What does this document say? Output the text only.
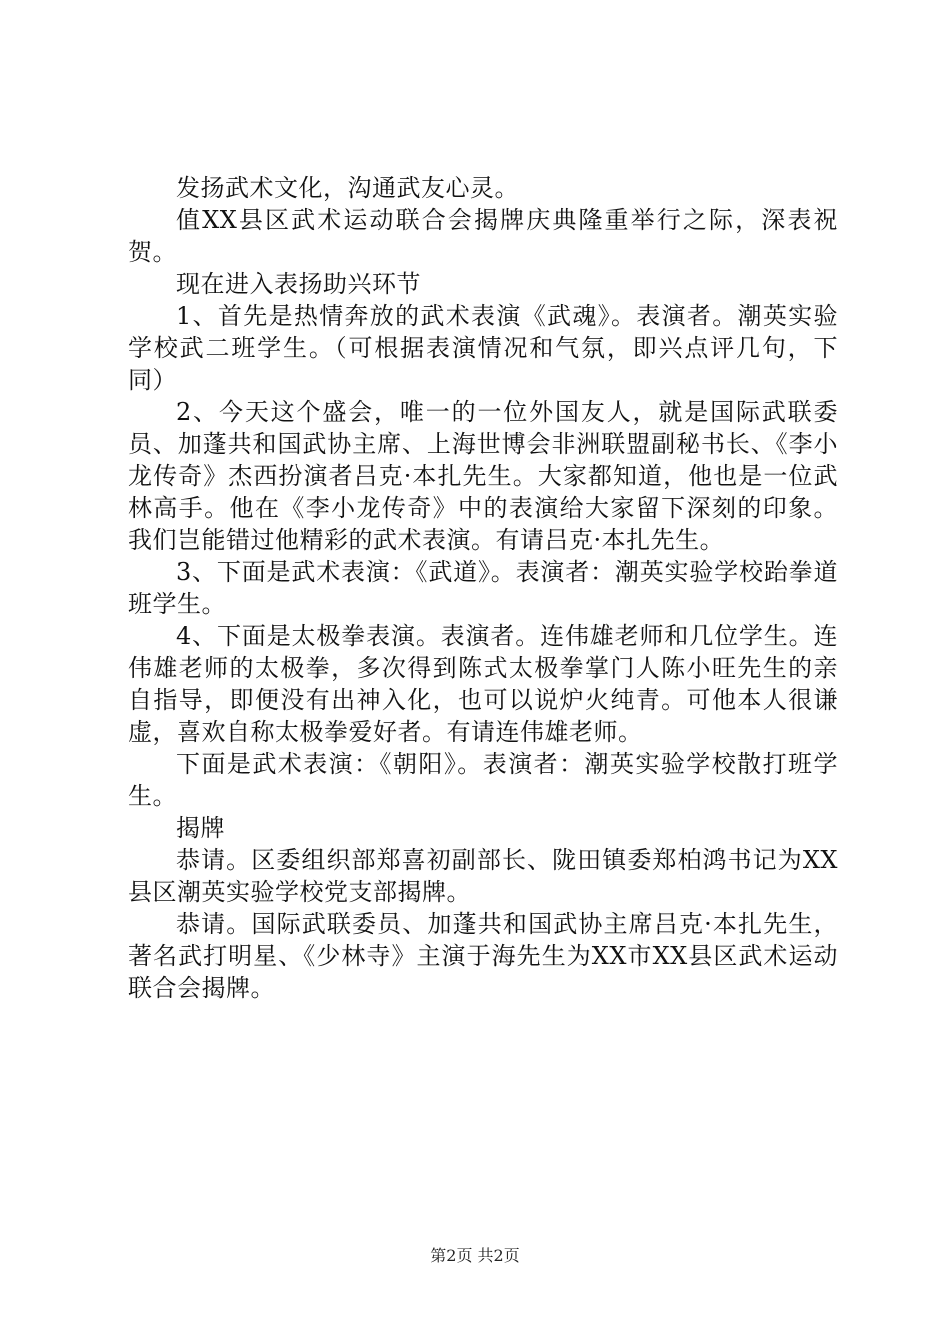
发扬武术文化，沟通武友心灵。

值XX县区武术运动联合会揭牌庆典隆重举行之际，深表祝贺。

现在进入表扬助兴环节

1、首先是热情奔放的武术表演《武魂》。表演者。潮英实验学校武二班学生。（可根据表演情况和气氛，即兴点评几句，下同）

2、今天这个盛会，唯一的一位外国友人，就是国际武联委员、加蓬共和国武协主席、上海世博会非洲联盟副秘书长、《李小龙传奇》杰西扮演者吕克·本扎先生。大家都知道，他也是一位武林高手。他在《李小龙传奇》中的表演给大家留下深刻的印象。我们岂能错过他精彩的武术表演。有请吕克·本扎先生。

3、下面是武术表演：《武道》。表演者：潮英实验学校跆拳道班学生。

4、下面是太极拳表演。表演者。连伟雄老师和几位学生。连伟雄老师的太极拳，多次得到陈式太极拳掌门人陈小旺先生的亲自指导，即便没有出神入化，也可以说炉火纯青。可他本人很谦虚，喜欢自称太极拳爱好者。有请连伟雄老师。

下面是武术表演：《朝阳》。表演者：潮英实验学校散打班学生。

揭牌

恭请。区委组织部郑喜初副部长、陇田镇委郑柏鸿书记为XX县区潮英实验学校党支部揭牌。

恭请。国际武联委员、加蓬共和国武协主席吕克·本扎先生，著名武打明星、《少林寺》主演于海先生为XX市XX县区武术运动联合会揭牌。

第2页 共2页
